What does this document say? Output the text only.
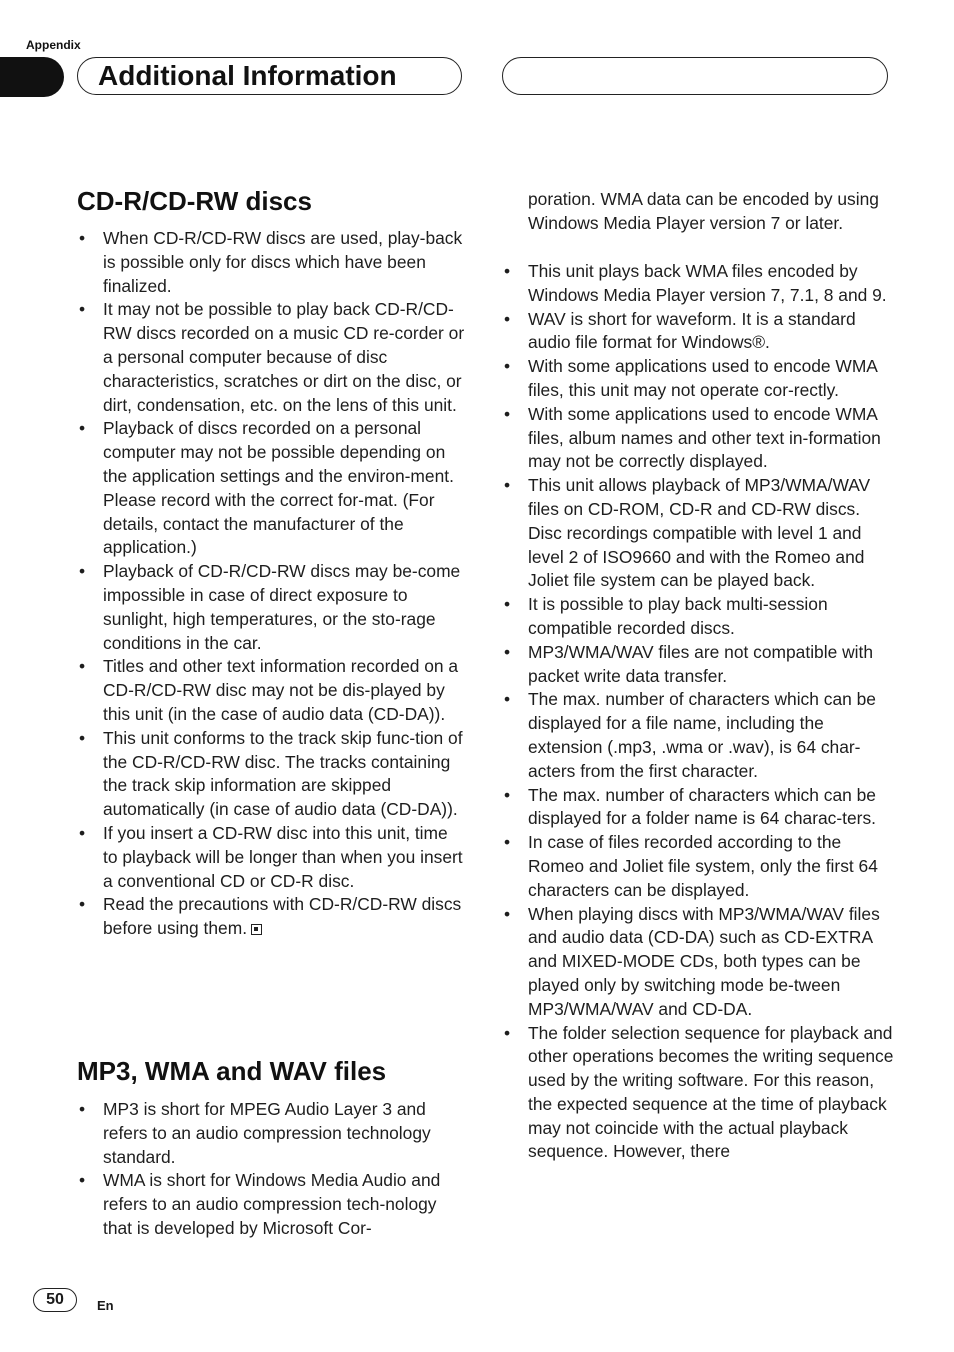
Appendix
Additional Information
CD-R/CD-RW discs
• When CD-R/CD-RW discs are used, play-back is possible only for discs which have been finalized.
• It may not be possible to play back CD-R/CD-RW discs recorded on a music CD re-corder or a personal computer because of disc characteristics, scratches or dirt on the disc, or dirt, condensation, etc. on the lens of this unit.
• Playback of discs recorded on a personal computer may not be possible depending on the application settings and the environ-ment. Please record with the correct for-mat. (For details, contact the manufacturer of the application.)
• Playback of CD-R/CD-RW discs may be-come impossible in case of direct exposure to sunlight, high temperatures, or the sto-rage conditions in the car.
• Titles and other text information recorded on a CD-R/CD-RW disc may not be dis-played by this unit (in the case of audio data (CD-DA)).
• This unit conforms to the track skip func-tion of the CD-R/CD-RW disc. The tracks containing the track skip information are skipped automatically (in case of audio data (CD-DA)).
• If you insert a CD-RW disc into this unit, time to playback will be longer than when you insert a conventional CD or CD-R disc.
• Read the precautions with CD-R/CD-RW discs before using them.
MP3, WMA and WAV files
• MP3 is short for MPEG Audio Layer 3 and refers to an audio compression technology standard.
• WMA is short for Windows Media Audio and refers to an audio compression tech-nology that is developed by Microsoft Cor-
poration. WMA data can be encoded by using Windows Media Player version 7 or later.
• This unit plays back WMA files encoded by Windows Media Player version 7, 7.1, 8 and 9.
• WAV is short for waveform. It is a standard audio file format for Windows®.
• With some applications used to encode WMA files, this unit may not operate cor-rectly.
• With some applications used to encode WMA files, album names and other text in-formation may not be correctly displayed.
• This unit allows playback of MP3/WMA/WAV files on CD-ROM, CD-R and CD-RW discs. Disc recordings compatible with level 1 and level 2 of ISO9660 and with the Romeo and Joliet file system can be played back.
• It is possible to play back multi-session compatible recorded discs.
• MP3/WMA/WAV files are not compatible with packet write data transfer.
• The max. number of characters which can be displayed for a file name, including the extension (.mp3, .wma or .wav), is 64 char-acters from the first character.
• The max. number of characters which can be displayed for a folder name is 64 charac-ters.
• In case of files recorded according to the Romeo and Joliet file system, only the first 64 characters can be displayed.
• When playing discs with MP3/WMA/WAV files and audio data (CD-DA) such as CD-EXTRA and MIXED-MODE CDs, both types can be played only by switching mode be-tween MP3/WMA/WAV and CD-DA.
• The folder selection sequence for playback and other operations becomes the writing sequence used by the writing software. For this reason, the expected sequence at the time of playback may not coincide with the actual playback sequence. However, there
50	En
